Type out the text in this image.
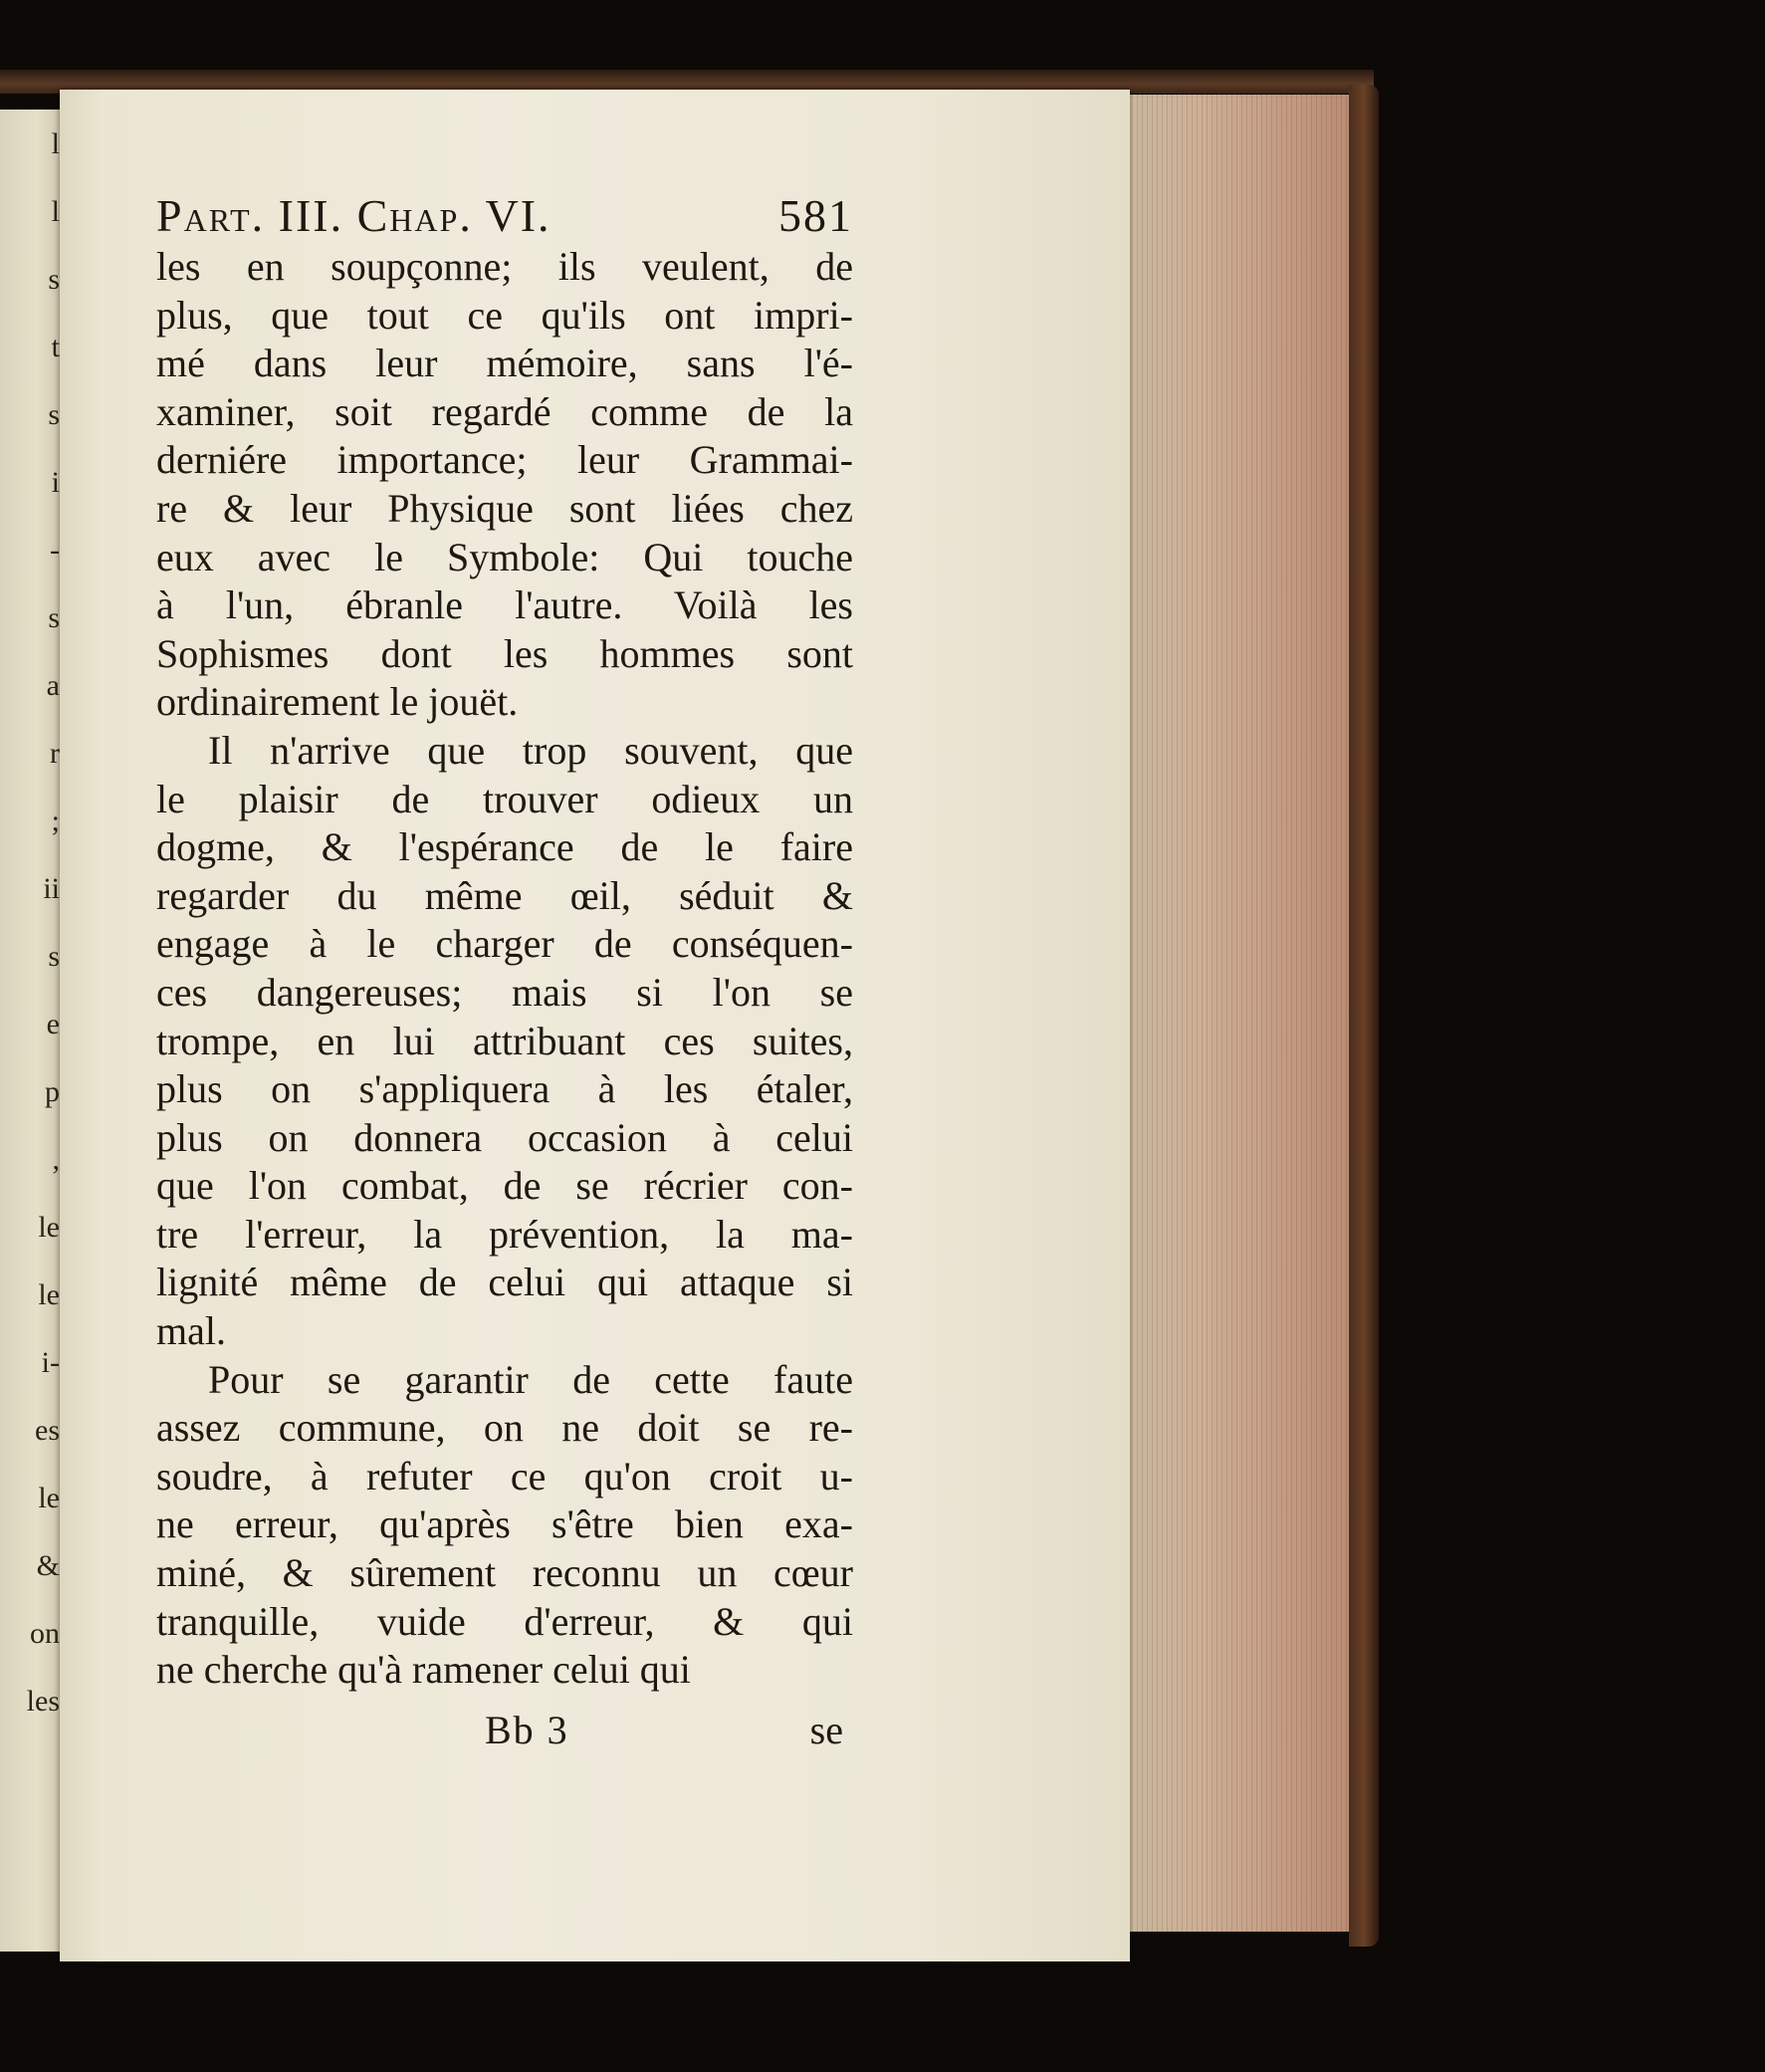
l
l
s
t
s
i
-
s
a
r
;
ii
s
e
p
,
le
le
i-
es
le
&
on
les
Part. III. Chap. VI.	581
les en soupçonne; ils veulent, de
plus, que tout ce qu'ils ont impri-
mé dans leur mémoire, sans l'é-
xaminer, soit regardé comme de la
derniére importance; leur Grammai-
re & leur Physique sont liées chez
eux avec le Symbole: Qui touche
à l'un, ébranle l'autre. Voilà les
Sophismes dont les hommes sont
ordinairement le jouët.
Il n'arrive que trop souvent, que
le plaisir de trouver odieux un
dogme, & l'espérance de le faire
regarder du même œil, séduit &
engage à le charger de conséquen-
ces dangereuses; mais si l'on se
trompe, en lui attribuant ces suites,
plus on s'appliquera à les étaler,
plus on donnera occasion à celui
que l'on combat, de se récrier con-
tre l'erreur, la prévention, la ma-
lignité même de celui qui attaque si
mal.
Pour se garantir de cette faute
assez commune, on ne doit se re-
soudre, à refuter ce qu'on croit u-
ne erreur, qu'après s'être bien exa-
miné, & sûrement reconnu un cœur
tranquille, vuide d'erreur, & qui
ne cherche qu'à ramener celui qui
Bb 3	se
